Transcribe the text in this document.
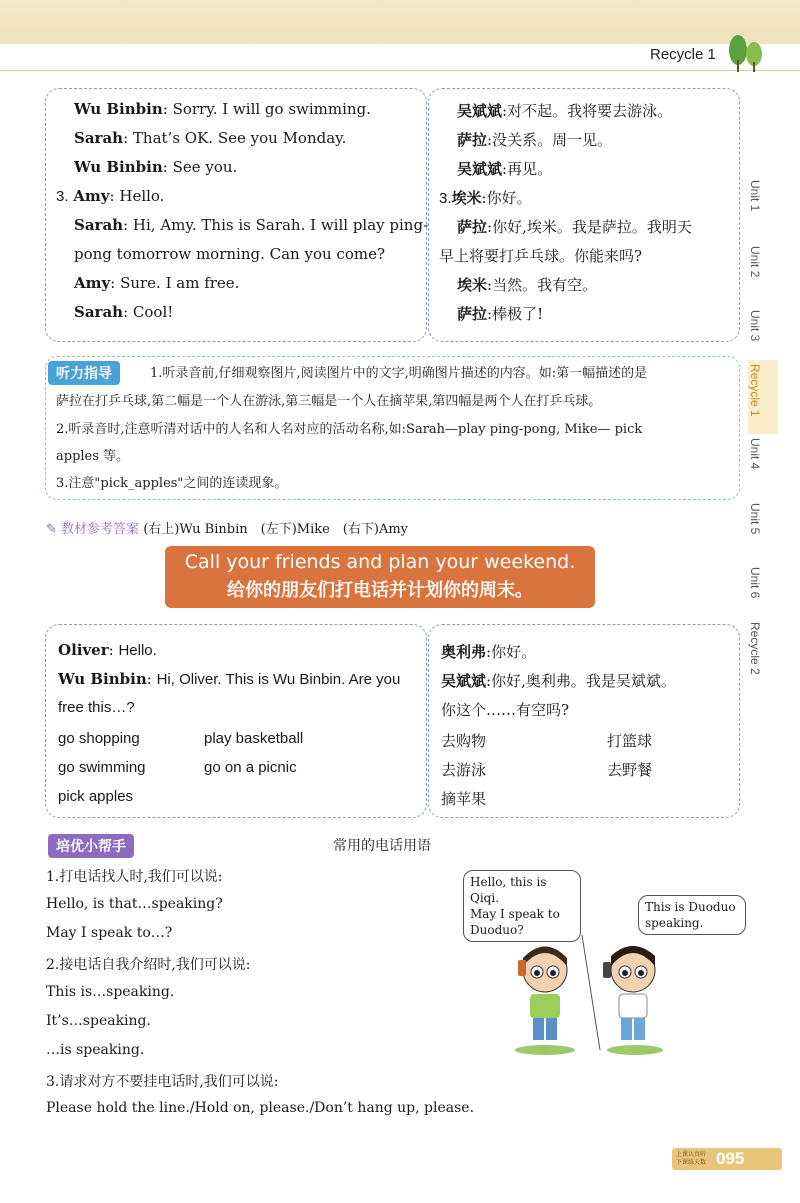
Recycle 1
Wu Binbin: Sorry. I will go swimming.
Sarah: That’s OK. See you Monday.
Wu Binbin: See you.
3. Amy: Hello.
Sarah: Hi, Amy. This is Sarah. I will play ping-
pong tomorrow morning. Can you come?
Amy: Sure. I am free.
Sarah: Cool!
吴斌斌:对不起。我将要去游泳。
萨拉:没关系。周一见。
吴斌斌:再见。
3.埃米:你好。
萨拉:你好,埃米。我是萨拉。我明天
早上将要打乒乓球。你能来吗?
埃米:当然。我有空。
萨拉:棒极了!
听力指导	1.听录音前,仔细观察图片,阅读图片中的文字,明确图片描述的内容。如:第一幅描述的是
萨拉在打乒乓球,第二幅是一个人在游泳,第三幅是一个人在摘苹果,第四幅是两个人在打乒乓球。
2.听录音时,注意听清对话中的人名和人名对应的活动名称,如:Sarah—play ping-pong, Mike— pick
apples 等。
3.注意"pick_apples"之间的连读现象。
✎ 教材参考答案 (右上)Wu Binbin　(左下)Mike　(右下)Amy
Call your friends and plan your weekend.
给你的朋友们打电话并计划你的周末。
Oliver: Hello.
Wu Binbin: Hi, Oliver. This is Wu Binbin. Are you
free this…?
go shopping	play basketball
go swimming	go on a picnic
pick apples
奥利弗:你好。
吴斌斌:你好,奥利弗。我是吴斌斌。
你这个……有空吗?
去购物	打篮球
去游泳	去野餐
摘苹果
培优小帮手	常用的电话用语
1.打电话找人时,我们可以说:
Hello, is that…speaking?
May I speak to…?
2.接电话自我介绍时,我们可以说:
This is…speaking.
It’s…speaking.
…is speaking.
3.请求对方不要挂电话时,我们可以说:
Please hold the line./Hold on, please./Don’t hang up, please.
Hello, this is Qiqi.
May I speak to
Duoduo?
This is Duoduo
speaking.
Unit 1
Unit 2
Unit 3
Recycle 1
Unit 4
Unit 5
Unit 6
Recycle 2
上课认真听
下课练天数 095
